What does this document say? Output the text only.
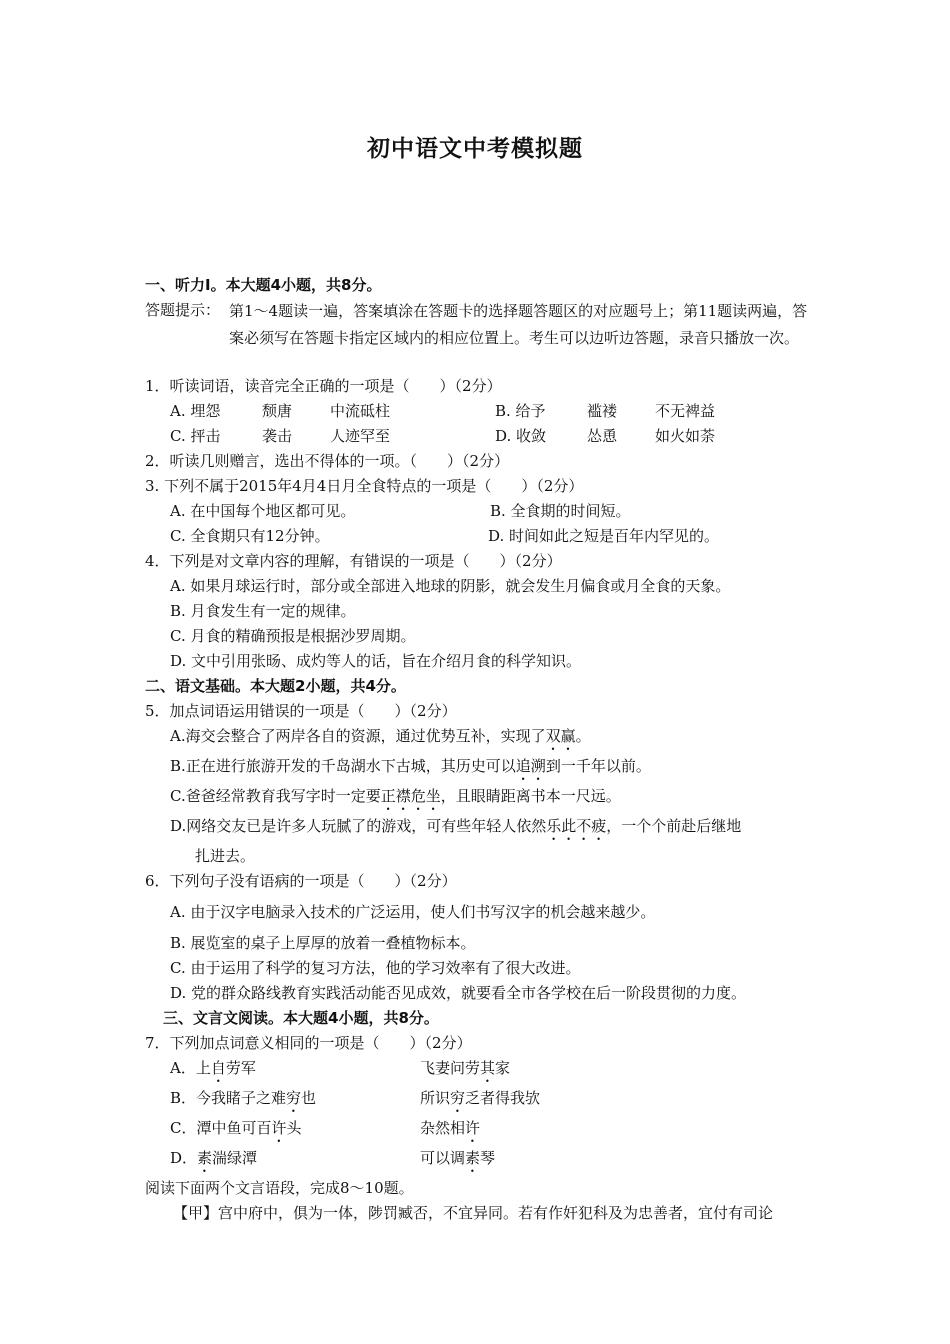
初中语文中考模拟题

一、听力Ⅰ。本大题4小题，共8分。

答题提示： 第1～4题读一遍，答案填涂在答题卡的选择题答题区的对应题号上；第11题读两遍，答案必须写在答题卡指定区域内的相应位置上。考生可以边听边答题，录音只播放一次。

1．听读词语，读音完全正确的一项是（　　）（2分）

A. 埋怨	颓唐	中流砥柱	B. 给予	褴褛	不无裨益
C. 抨击	袭击	人迹罕至	D. 收敛	怂恿	如火如荼

2．听读几则赠言，选出不得体的一项。（　　）（2分）

3. 下列不属于2015年4月4日月全食特点的一项是（　　）（2分）

A. 在中国每个地区都可见。	B. 全食期的时间短。
C. 全食期只有12分钟。	D. 时间如此之短是百年内罕见的。

4．下列是对文章内容的理解，有错误的一项是（　　）（2分）

A. 如果月球运行时，部分或全部进入地球的阴影，就会发生月偏食或月全食的天象。

B. 月食发生有一定的规律。

C. 月食的精确预报是根据沙罗周期。

D. 文中引用张旸、成灼等人的话，旨在介绍月食的科学知识。

二、语文基础。本大题2小题，共4分。

5．加点词语运用错误的一项是（　　）（2分）

A.海交会整合了两岸各自的资源，通过优势互补，实现了双赢。

B.正在进行旅游开发的千岛湖水下古城，其历史可以追溯到一千年以前。

C.爸爸经常教育我写字时一定要正襟危坐，且眼睛距离书本一尺远。

D.网络交友已是许多人玩腻了的游戏，可有些年轻人依然乐此不疲，一个个前赴后继地

扎进去。

6．下列句子没有语病的一项是（　　）（2分）

A. 由于汉字电脑录入技术的广泛运用，使人们书写汉字的机会越来越少。

B. 展览室的桌子上厚厚的放着一叠植物标本。

C. 由于运用了科学的复习方法，他的学习效率有了很大改进。

D. 党的群众路线教育实践活动能否见成效，就要看全市各学校在后一阶段贯彻的力度。

三、文言文阅读。本大题4小题，共8分。

7．下列加点词意义相同的一项是（　　）（2分）

A．上自劳军	飞妻问劳其家
B．今我睹子之难穷也	所识穷乏者得我欤
C．潭中鱼可百许头	杂然相许
D．素湍绿潭	可以调素琴

阅读下面两个文言语段，完成8～10题。

【甲】宫中府中，俱为一体，陟罚臧否，不宜异同。若有作奸犯科及为忠善者，宜付有司论
